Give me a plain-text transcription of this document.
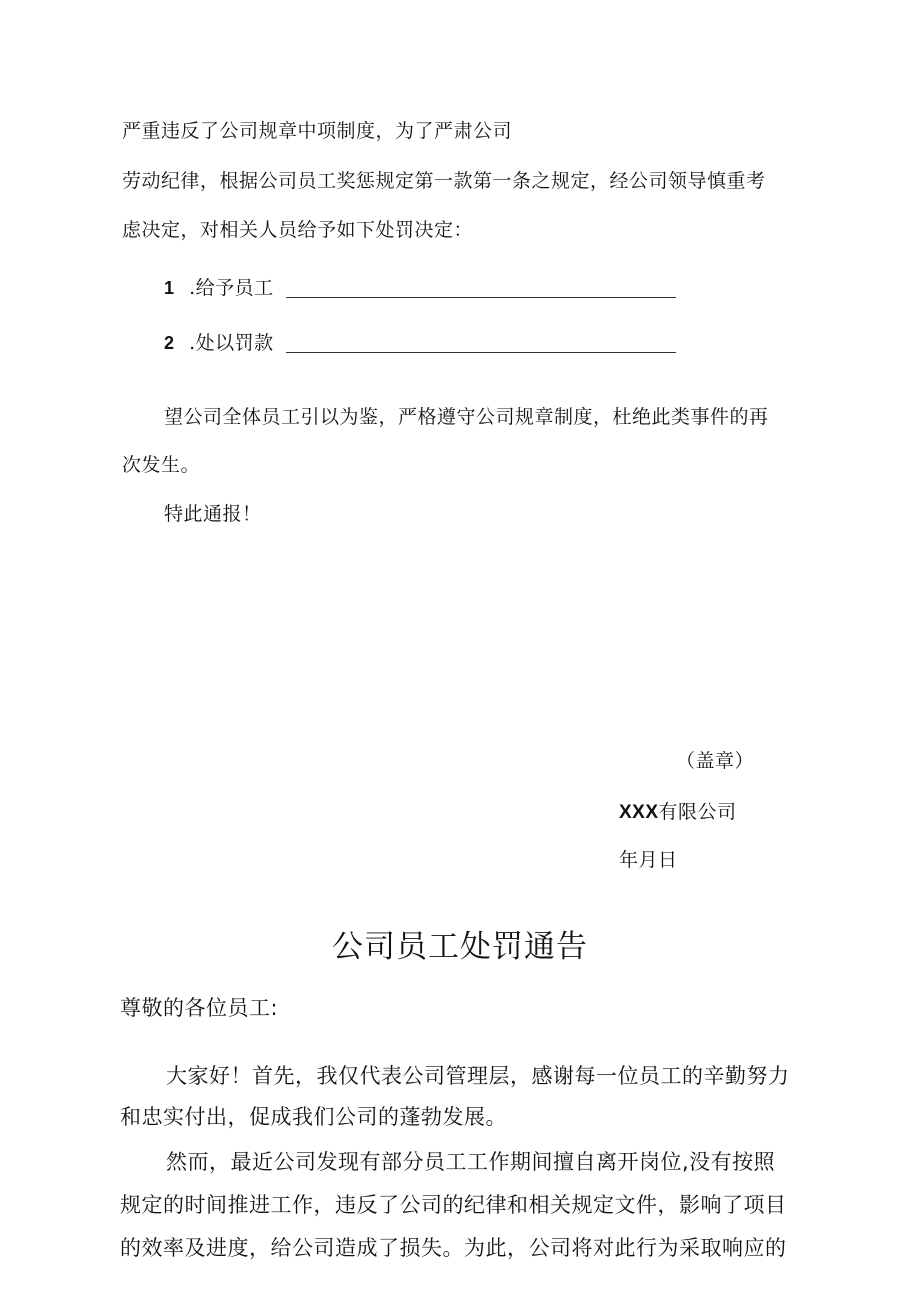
严重违反了公司规章中项制度，为了严肃公司
劳动纪律，根据公司员工奖惩规定第一款第一条之规定，经公司领导慎重考
虑决定，对相关人员给予如下处罚决定：
1 .给予员工
2 .处以罚款
望公司全体员工引以为鉴，严格遵守公司规章制度，杜绝此类事件的再
次发生。
特此通报！
（盖章）
XXX有限公司
年月日
公司员工处罚通告
尊敬的各位员工:
大家好！首先，我仅代表公司管理层，感谢每一位员工的辛勤努力
和忠实付出，促成我们公司的蓬勃发展。
然而，最近公司发现有部分员工工作期间擅自离开岗位,没有按照
规定的时间推进工作，违反了公司的纪律和相关规定文件，影响了项目
的效率及进度，给公司造成了损失。为此，公司将对此行为采取响应的
